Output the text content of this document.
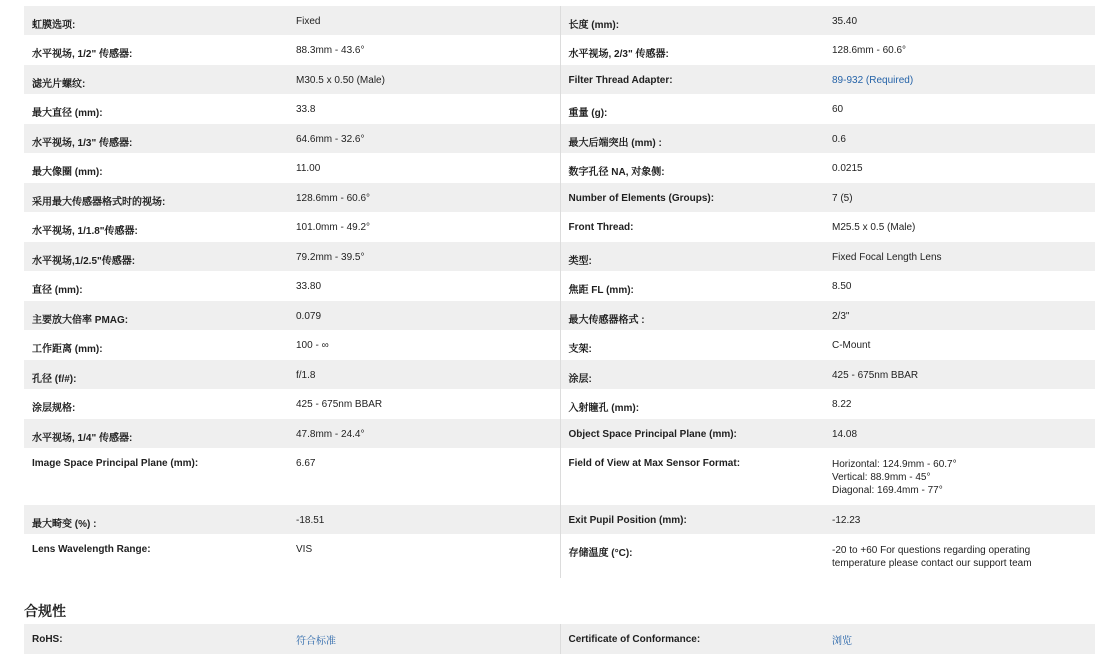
虹膜选项:	Fixed	长度 (mm):	35.40
水平视场, 1/2" 传感器:	88.3mm - 43.6°	水平视场, 2/3" 传感器:	128.6mm - 60.6°
滤光片螺纹:	M30.5 x 0.50 (Male)	Filter Thread Adapter:	89-932 (Required)
最大直径 (mm):	33.8	重量 (g):	60
水平视场, 1/3" 传感器:	64.6mm - 32.6°	最大后端突出 (mm) :	0.6
最大像圈 (mm):	11.00	数字孔径 NA, 对象侧:	0.0215
采用最大传感器格式时的视场:	128.6mm - 60.6°	Number of Elements (Groups):	7 (5)
水平视场, 1/1.8"传感器:	101.0mm - 49.2°	Front Thread:	M25.5 x 0.5 (Male)
水平视场,1/2.5"传感器:	79.2mm - 39.5°	类型:	Fixed Focal Length Lens
直径 (mm):	33.80	焦距 FL (mm):	8.50
主要放大倍率 PMAG:	0.079	最大传感器格式 :	2/3"
工作距离 (mm):	100 - ∞	支架:	C-Mount
孔径 (f/#):	f/1.8	涂层:	425 - 675nm BBAR
涂层规格:	425 - 675nm BBAR	入射瞳孔 (mm):	8.22
水平视场, 1/4" 传感器:	47.8mm - 24.4°	Object Space Principal Plane (mm):	14.08
Image Space Principal Plane (mm):	6.67	Field of View at Max Sensor Format:	Horizontal: 124.9mm - 60.7°
Vertical: 88.9mm - 45°
Diagonal: 169.4mm - 77°

最大畸变 (%) :	-18.51	Exit Pupil Position (mm):	-12.23
Lens Wavelength Range:	VIS	存储温度 (°C):	-20 to +60 For questions regarding operating
temperature please contact our support team
合规性
RoHS:	符合标准	Certificate of Conformance:	浏览
